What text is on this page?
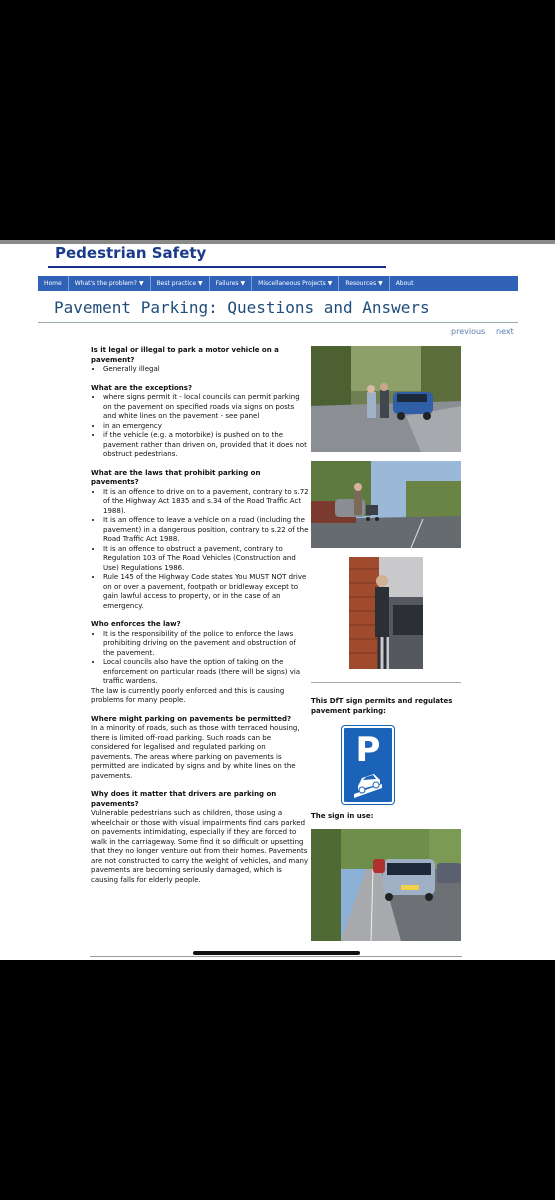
Pedestrian Safety
Home	What's the problem? ▼	Best practice ▼	Failures ▼	Miscellaneous Projects ▼	Resources ▼	About
Pavement Parking: Questions and Answers
previous next

Is it legal or illegal to park a motor vehicle on a pavement?

• Generally illegal

What are the exceptions?

• where signs permit it - local councils can permit parking on the pavement on specified roads via signs on posts and white lines on the pavement - see panel
• in an emergency
• if the vehicle (e.g. a motorbike) is pushed on to the pavement rather than driven on, provided that it does not obstruct pedestrians.

What are the laws that prohibit parking on pavements?

• It is an offence to drive on to a pavement, contrary to s.72 of the Highway Act 1835 and s.34 of the Road Traffic Act 1988).
• It is an offence to leave a vehicle on a road (including the pavement) in a dangerous position, contrary to s.22 of the Road Traffic Act 1988.
• It is an offence to obstruct a pavement, contrary to Regulation 103 of The Road Vehicles (Construction and Use) Regulations 1986.
• Rule 145 of the Highway Code states You MUST NOT drive on or over a pavement, footpath or bridleway except to gain lawful access to property, or in the case of an emergency.

Who enforces the law?

• It is the responsibility of the police to enforce the laws prohibiting driving on the pavement and obstruction of the pavement.
• Local councils also have the option of taking on the enforcement on particular roads (there will be signs) via traffic wardens.

The law is currently poorly enforced and this is causing problems for many people.

Where might parking on pavements be permitted?

In a minority of roads, such as those with terraced housing, there is limited off-road parking. Such roads can be considered for legalised and regulated parking on pavements. The areas where parking on pavements is permitted are indicated by signs and by white lines on the pavements.

Why does it matter that drivers are parking on pavements?

Vulnerable pedestrians such as children, those using a wheelchair or those with visual impairments find cars parked on pavements intimidating, especially if they are forced to walk in the carriageway. Some find it so difficult or upsetting that they no longer venture out from their homes. Pavements are not constructed to carry the weight of vehicles, and many pavements are becoming seriously damaged, which is causing falls for elderly people.

This DfT sign permits and regulates pavement parking:
P
The sign in use:
